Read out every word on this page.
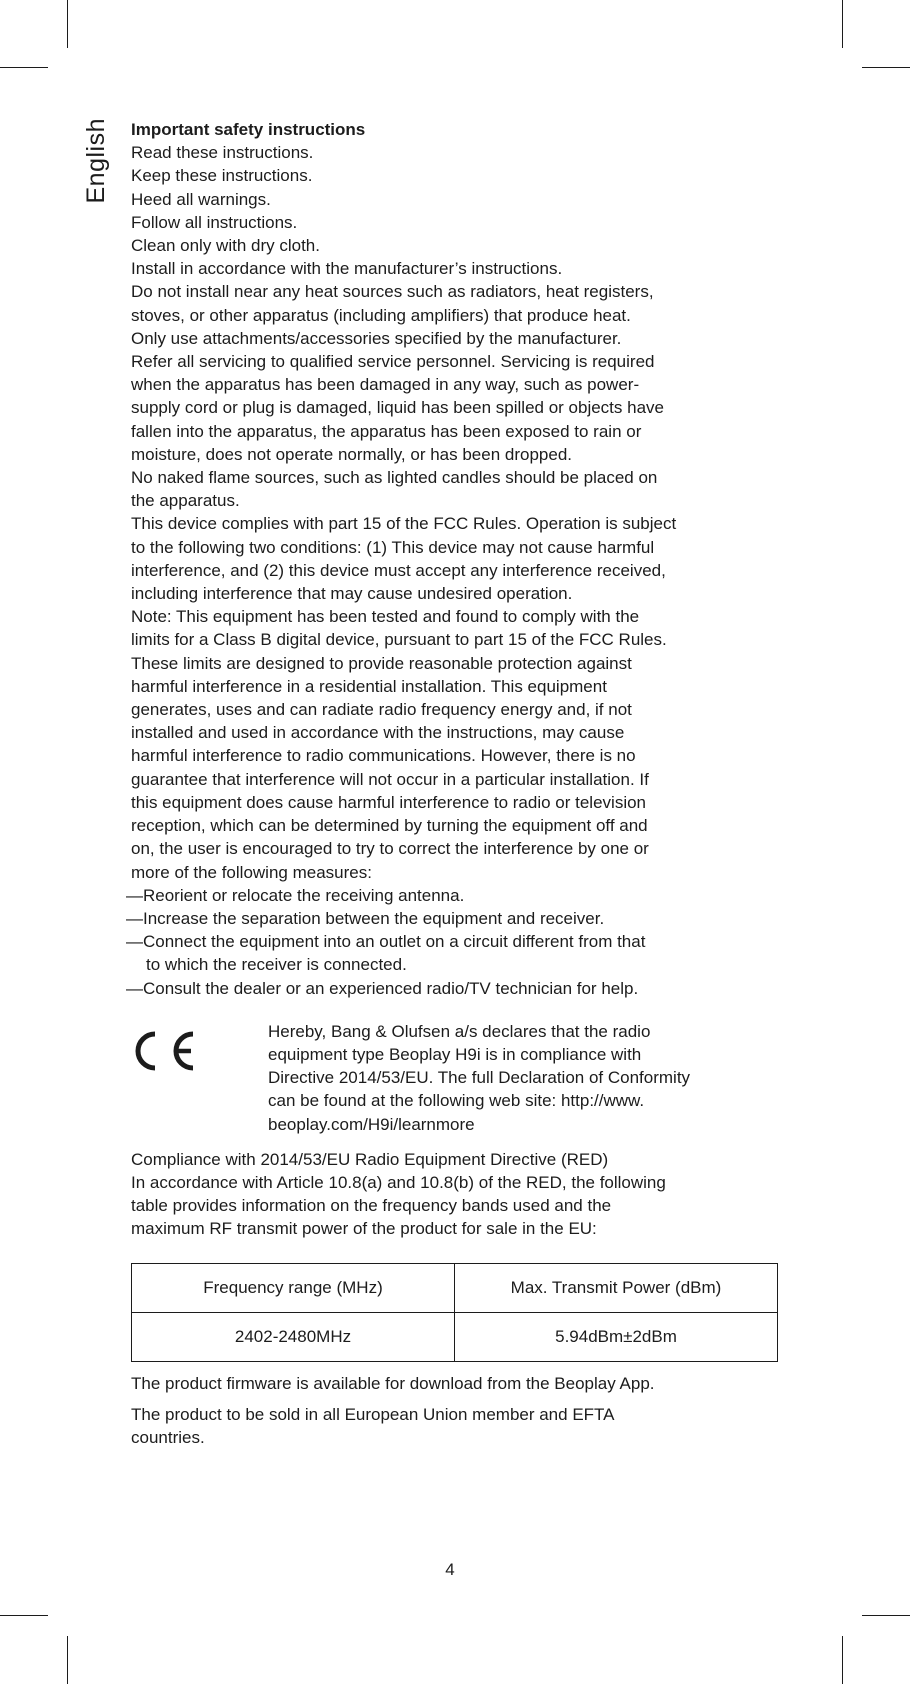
English Important safety instructions
Read these instructions.
Keep these instructions.
Heed all warnings.
Follow all instructions.
Clean only with dry cloth.
Install in accordance with the manufacturer’s instructions.
Do not install near any heat sources such as radiators, heat registers,
stoves, or other apparatus (including amplifiers) that produce heat.
Only use attachments/accessories specified by the manufacturer.
Refer all servicing to qualified service personnel. Servicing is required
when the apparatus has been damaged in any way, such as power-
supply cord or plug is damaged, liquid has been spilled or objects have
fallen into the apparatus, the apparatus has been exposed to rain or
moisture, does not operate normally, or has been dropped.
No naked flame sources, such as lighted candles should be placed on
the apparatus.
This device complies with part 15 of the FCC Rules. Operation is subject
to the following two conditions: (1) This device may not cause harmful
interference, and (2) this device must accept any interference received,
including interference that may cause undesired operation.
Note: This equipment has been tested and found to comply with the
limits for a Class B digital device, pursuant to part 15 of the FCC Rules.
These limits are designed to provide reasonable protection against
harmful interference in a residential installation. This equipment
generates, uses and can radiate radio frequency energy and, if not
installed and used in accordance with the instructions, may cause
harmful interference to radio communications. However, there is no
guarantee that interference will not occur in a particular installation. If
this equipment does cause harmful interference to radio or television
reception, which can be determined by turning the equipment off and
on, the user is encouraged to try to correct the interference by one or
more of the following measures:
—Reorient or relocate the receiving antenna.
—Increase the separation between the equipment and receiver.
—Connect the equipment into an outlet on a circuit different from that
to which the receiver is connected.
—Consult the dealer or an experienced radio/TV technician for help.
Hereby, Bang & Olufsen a/s declares that the radio
equipment type Beoplay H9i is in compliance with
Directive 2014/53/EU. The full Declaration of Conformity
can be found at the following web site: http://www.
beoplay.com/H9i/learnmore
Compliance with 2014/53/EU Radio Equipment Directive (RED)
In accordance with Article 10.8(a) and 10.8(b) of the RED, the following
table provides information on the frequency bands used and the
maximum RF transmit power of the product for sale in the EU:
Frequency range (MHz)	Max. Transmit Power (dBm)
2402-2480MHz	5.94dBm±2dBm
The product firmware is available for download from the Beoplay App.
The product to be sold in all European Union member and EFTA
countries.
4
